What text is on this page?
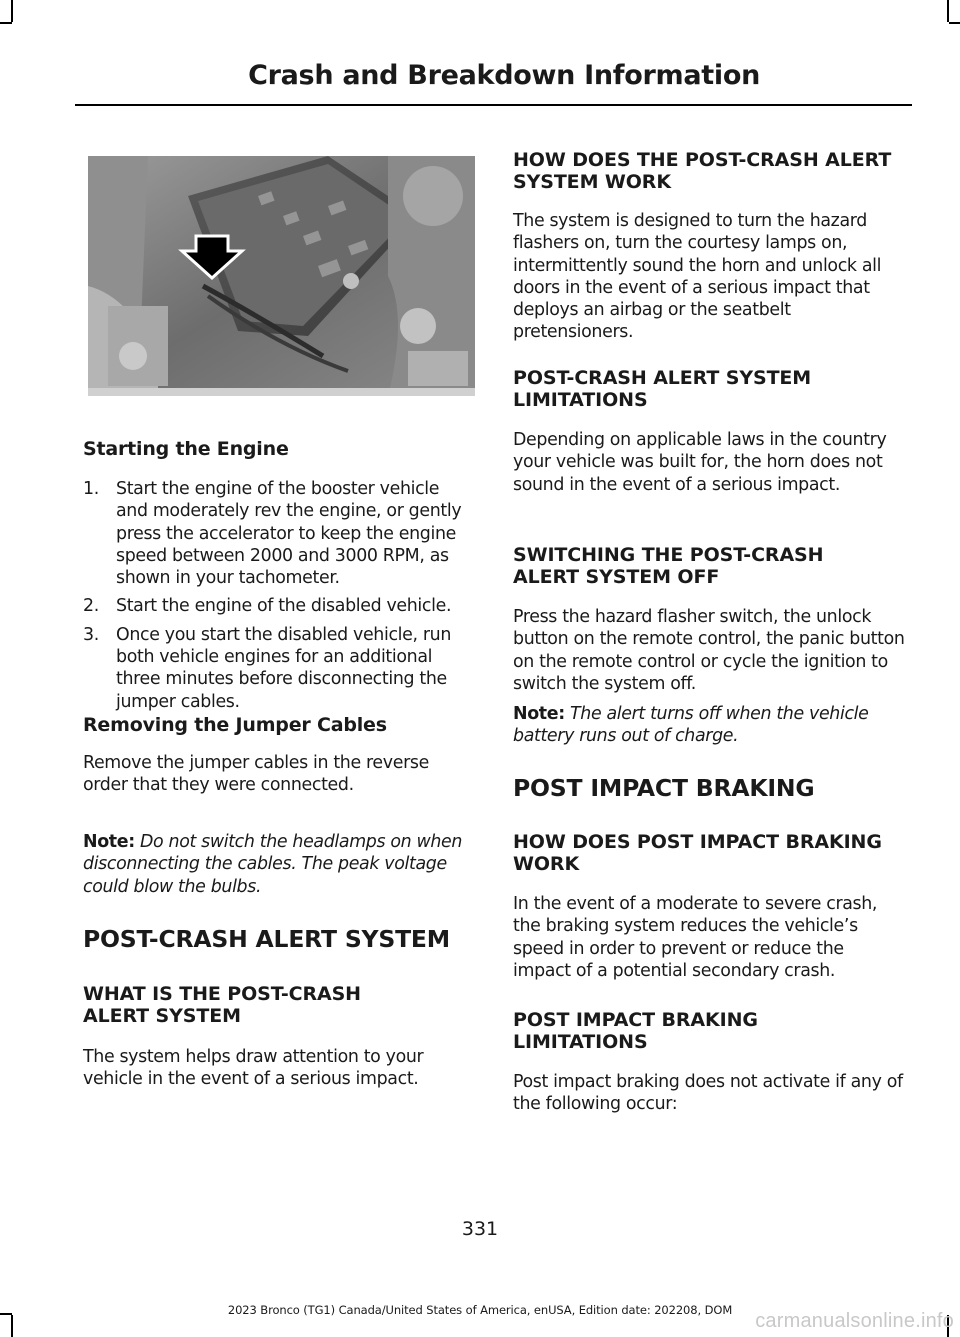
Crash and Breakdown Information
Starting the Engine
1. Start the engine of the booster vehicle and moderately rev the engine, or gently press the accelerator to keep the engine speed between 2000 and 3000 RPM, as shown in your tachometer.
2. Start the engine of the disabled vehicle.
3. Once you start the disabled vehicle, run both vehicle engines for an additional three minutes before disconnecting the jumper cables.
Removing the Jumper Cables

Remove the jumper cables in the reverse order that they were connected.

Note: Do not switch the headlamps on when disconnecting the cables. The peak voltage could blow the bulbs.

POST-CRASH ALERT SYSTEM
WHAT IS THE POST-CRASH ALERT SYSTEM

The system helps draw attention to your vehicle in the event of a serious impact.

HOW DOES THE POST-CRASH ALERT SYSTEM WORK

The system is designed to turn the hazard flashers on, turn the courtesy lamps on, intermittently sound the horn and unlock all doors in the event of a serious impact that deploys an airbag or the seatbelt pretensioners.

POST-CRASH ALERT SYSTEM LIMITATIONS

Depending on applicable laws in the country your vehicle was built for, the horn does not sound in the event of a serious impact.

SWITCHING THE POST-CRASH ALERT SYSTEM OFF

Press the hazard flasher switch, the unlock button on the remote control, the panic button on the remote control or cycle the ignition to switch the system off.

Note: The alert turns off when the vehicle battery runs out of charge.

POST IMPACT BRAKING
HOW DOES POST IMPACT BRAKING WORK

In the event of a moderate to severe crash, the braking system reduces the vehicle’s speed in order to prevent or reduce the impact of a potential secondary crash.

POST IMPACT BRAKING LIMITATIONS

Post impact braking does not activate if any of the following occur:

331
2023 Bronco (TG1) Canada/United States of America, enUSA, Edition date: 202208, DOM	carmanualsonline.info
